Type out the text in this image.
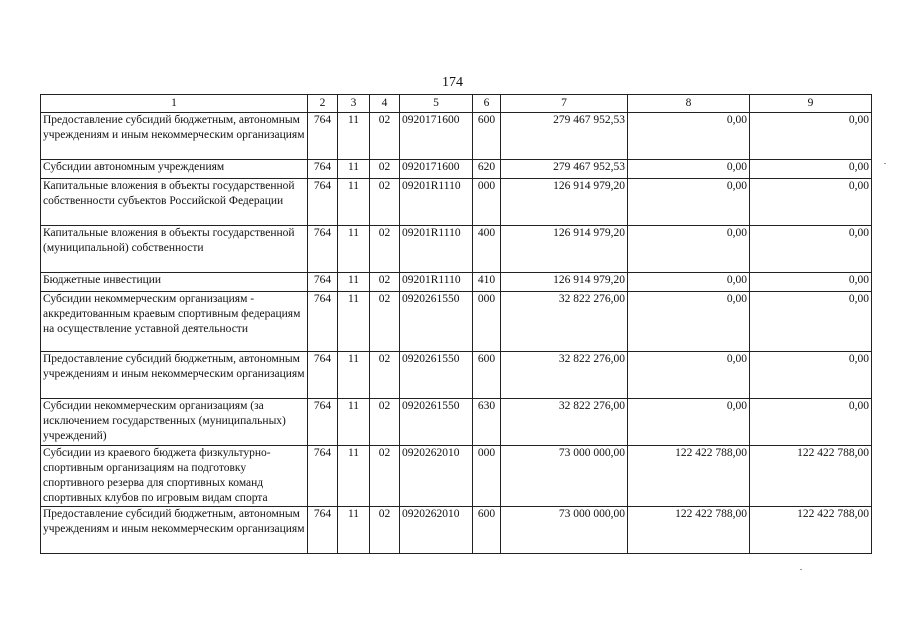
174
1	2	3	4	5	6	7	8	9
Предоставление субсидий бюджетным, автономным учреждениям и иным некоммерческим организациям	764	11	02	0920171600	600	279 467 952,53	0,00	0,00
Субсидии автономным учреждениям	764	11	02	0920171600	620	279 467 952,53	0,00	0,00
Капитальные вложения в объекты государственной собственности субъектов Российской Федерации	764	11	02	09201R1110	000	126 914 979,20	0,00	0,00
Капитальные вложения в объекты государственной (муниципальной) собственности	764	11	02	09201R1110	400	126 914 979,20	0,00	0,00
Бюджетные инвестиции	764	11	02	09201R1110	410	126 914 979,20	0,00	0,00
Субсидии некоммерческим организациям - аккредитованным краевым спортивным федерациям на осуществление уставной деятельности	764	11	02	0920261550	000	32 822 276,00	0,00	0,00
Предоставление субсидий бюджетным, автономным учреждениям и иным некоммерческим организациям	764	11	02	0920261550	600	32 822 276,00	0,00	0,00
Субсидии некоммерческим организациям (за исключением государственных (муниципальных) учреждений)	764	11	02	0920261550	630	32 822 276,00	0,00	0,00
Субсидии из краевого бюджета физкультурно-спортивным организациям на подготовку спортивного резерва для спортивных команд спортивных клубов по игровым видам спорта	764	11	02	0920262010	000	73 000 000,00	122 422 788,00	122 422 788,00
Предоставление субсидий бюджетным, автономным учреждениям и иным некоммерческим организациям	764	11	02	0920262010	600	73 000 000,00	122 422 788,00	122 422 788,00
